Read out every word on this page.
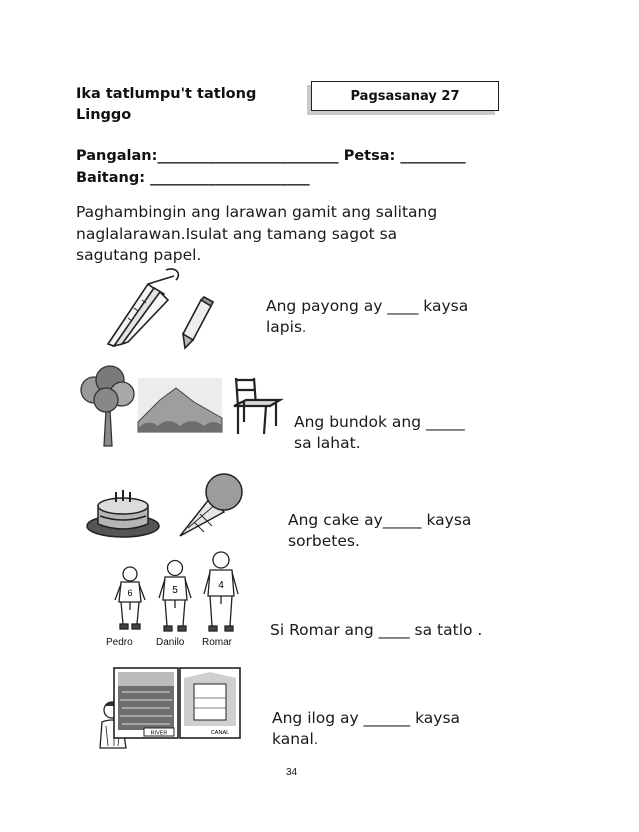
Ika tatlumpu't tatlong
Linggo
Pagsasanay 27
Pangalan:_________________________ Petsa: _________
Baitang: ______________________
Paghambingin ang larawan gamit ang salitang
naglalarawan.Isulat ang tamang sagot sa
sagutang papel.
Ang payong ay ____ kaysa
lapis.
Ang bundok ang _____
sa lahat.
Ang cake ay_____ kaysa
sorbetes.
6	5	4
Pedro Danilo Romar
Si Romar ang ____ sa tatlo .
RIVER	CANAL
Ang ilog ay ______ kaysa
kanal.
34
